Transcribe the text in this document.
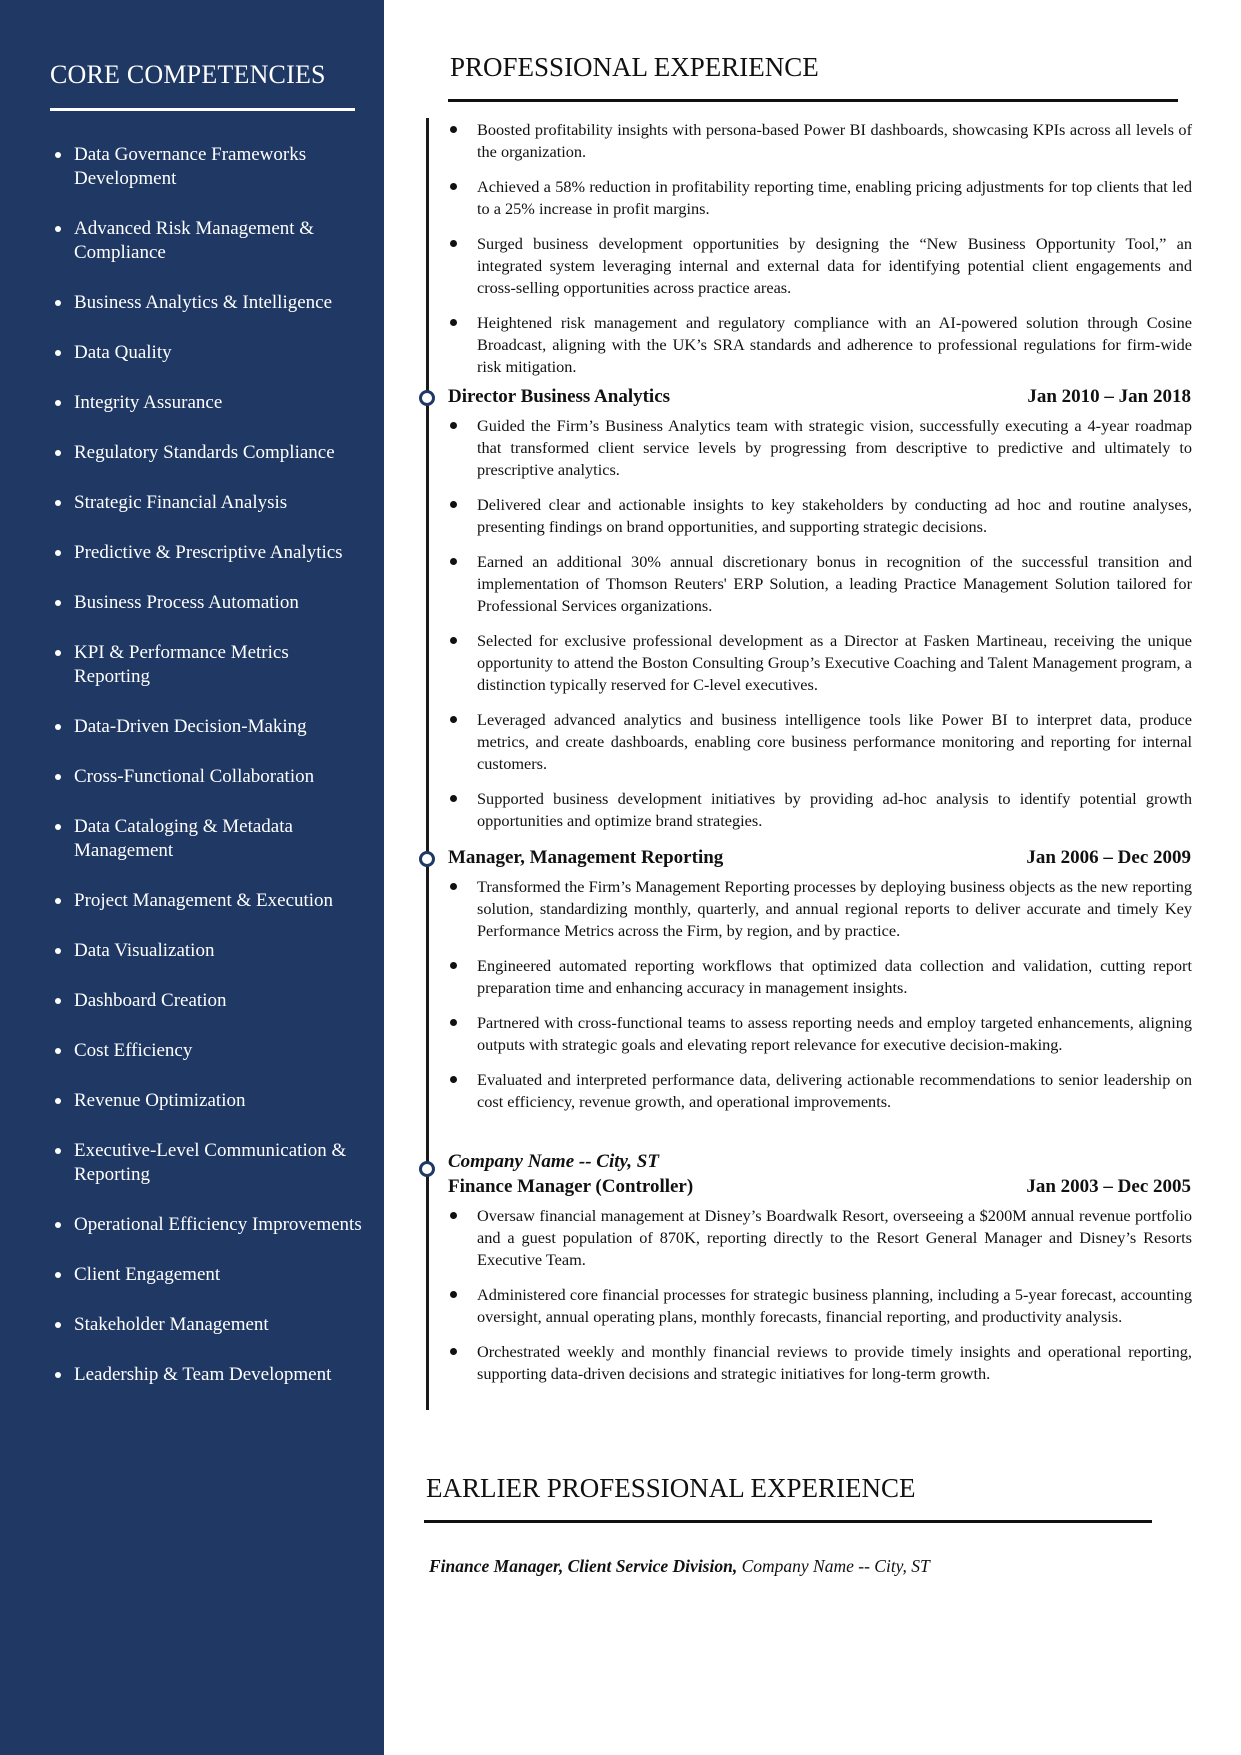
CORE COMPETENCIES
Data Governance Frameworks Development
Advanced Risk Management & Compliance
Business Analytics & Intelligence
Data Quality
Integrity Assurance
Regulatory Standards Compliance
Strategic Financial Analysis
Predictive & Prescriptive Analytics
Business Process Automation
KPI & Performance Metrics Reporting
Data-Driven Decision-Making
Cross-Functional Collaboration
Data Cataloging & Metadata Management
Project Management & Execution
Data Visualization
Dashboard Creation
Cost Efficiency
Revenue Optimization
Executive-Level Communication & Reporting
Operational Efficiency Improvements
Client Engagement
Stakeholder Management
Leadership & Team Development
PROFESSIONAL EXPERIENCE
Boosted profitability insights with persona-based Power BI dashboards, showcasing KPIs across all levels of the organization.
Achieved a 58% reduction in profitability reporting time, enabling pricing adjustments for top clients that led to a 25% increase in profit margins.
Surged business development opportunities by designing the “New Business Opportunity Tool,” an integrated system leveraging internal and external data for identifying potential client engagements and cross-selling opportunities across practice areas.
Heightened risk management and regulatory compliance with an AI-powered solution through Cosine Broadcast, aligning with the UK’s SRA standards and adherence to professional regulations for firm-wide risk mitigation.
Director Business Analytics	Jan 2010 – Jan 2018
Guided the Firm’s Business Analytics team with strategic vision, successfully executing a 4-year roadmap that transformed client service levels by progressing from descriptive to predictive and ultimately to prescriptive analytics.
Delivered clear and actionable insights to key stakeholders by conducting ad hoc and routine analyses, presenting findings on brand opportunities, and supporting strategic decisions.
Earned an additional 30% annual discretionary bonus in recognition of the successful transition and implementation of Thomson Reuters' ERP Solution, a leading Practice Management Solution tailored for Professional Services organizations.
Selected for exclusive professional development as a Director at Fasken Martineau, receiving the unique opportunity to attend the Boston Consulting Group’s Executive Coaching and Talent Management program, a distinction typically reserved for C-level executives.
Leveraged advanced analytics and business intelligence tools like Power BI to interpret data, produce metrics, and create dashboards, enabling core business performance monitoring and reporting for internal customers.
Supported business development initiatives by providing ad-hoc analysis to identify potential growth opportunities and optimize brand strategies.
Manager, Management Reporting	Jan 2006 – Dec 2009
Transformed the Firm’s Management Reporting processes by deploying business objects as the new reporting solution, standardizing monthly, quarterly, and annual regional reports to deliver accurate and timely Key Performance Metrics across the Firm, by region, and by practice.
Engineered automated reporting workflows that optimized data collection and validation, cutting report preparation time and enhancing accuracy in management insights.
Partnered with cross-functional teams to assess reporting needs and employ targeted enhancements, aligning outputs with strategic goals and elevating report relevance for executive decision-making.
Evaluated and interpreted performance data, delivering actionable recommendations to senior leadership on cost efficiency, revenue growth, and operational improvements.

Company Name -- City, ST

Finance Manager (Controller)	Jan 2003 – Dec 2005
Oversaw financial management at Disney’s Boardwalk Resort, overseeing a $200M annual revenue portfolio and a guest population of 870K, reporting directly to the Resort General Manager and Disney’s Resorts Executive Team.
Administered core financial processes for strategic business planning, including a 5-year forecast, accounting oversight, annual operating plans, monthly forecasts, financial reporting, and productivity analysis.
Orchestrated weekly and monthly financial reviews to provide timely insights and operational reporting, supporting data-driven decisions and strategic initiatives for long-term growth.
EARLIER PROFESSIONAL EXPERIENCE
Finance Manager, Client Service Division, Company Name -- City, ST
